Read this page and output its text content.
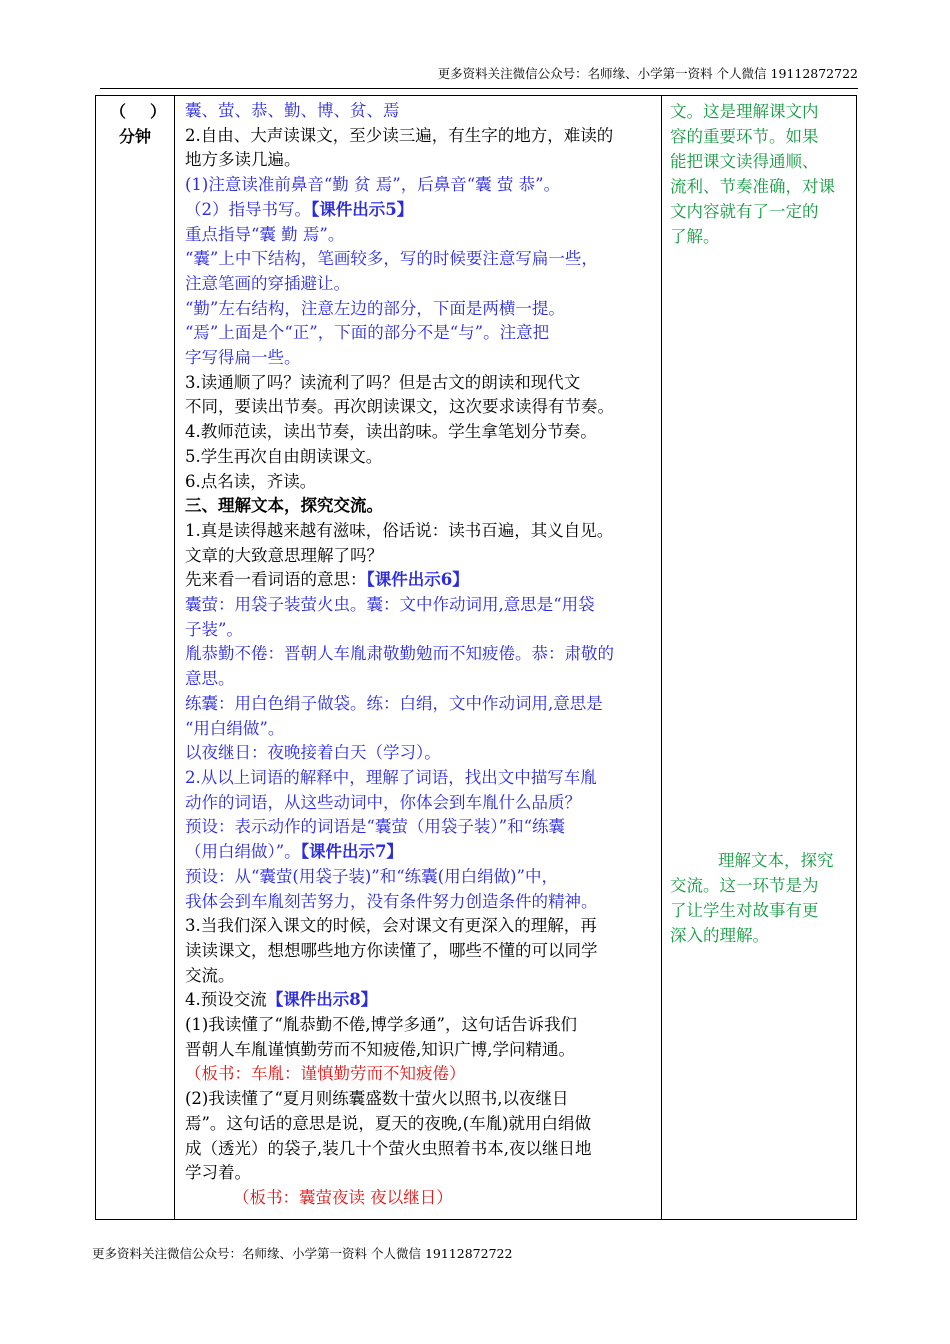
更多资料关注微信公众号：名师缘、小学第一资料 个人微信 19112872722
（ ）
分钟
囊、萤、恭、勤、博、贫、焉
2.自由、大声读课文，至少读三遍，有生字的地方，难读的
地方多读几遍。
(1)注意读准前鼻音“勤 贫 焉”，后鼻音“囊 萤 恭”。
（2）指导书写。【课件出示5】
重点指导“囊 勤 焉”。
“囊”上中下结构，笔画较多，写的时候要注意写扁一些，
注意笔画的穿插避让。
“勤”左右结构，注意左边的部分，下面是两横一提。
“焉”上面是个“正”，下面的部分不是“与”。注意把
字写得扁一些。
3.读通顺了吗？读流利了吗？但是古文的朗读和现代文
不同，要读出节奏。再次朗读课文，这次要求读得有节奏。
4.教师范读，读出节奏，读出韵味。学生拿笔划分节奏。
5.学生再次自由朗读课文。
6.点名读，齐读。
三、理解文本，探究交流。
1.真是读得越来越有滋味，俗话说：读书百遍，其义自见。
文章的大致意思理解了吗？
先来看一看词语的意思：【课件出示6】
囊萤：用袋子装萤火虫。囊：文中作动词用,意思是“用袋
子装”。
胤恭勤不倦：晋朝人车胤肃敬勤勉而不知疲倦。恭：肃敬的
意思。
练囊：用白色绢子做袋。练：白绢，文中作动词用,意思是
“用白绢做”。
以夜继日：夜晚接着白天（学习）。
2.从以上词语的解释中，理解了词语，找出文中描写车胤
动作的词语，从这些动词中，你体会到车胤什么品质？
预设：表示动作的词语是“囊萤（用袋子装）”和“练囊
（用白绢做）”。【课件出示7】
预设：从“囊萤(用袋子装)”和“练囊(用白绢做)”中，
我体会到车胤刻苦努力，没有条件努力创造条件的精神。
3.当我们深入课文的时候，会对课文有更深入的理解，再
读读课文，想想哪些地方你读懂了，哪些不懂的可以同学
交流。
4.预设交流【课件出示8】
(1)我读懂了“胤恭勤不倦,博学多通”，这句话告诉我们
晋朝人车胤谨慎勤劳而不知疲倦,知识广博,学问精通。
（板书：车胤：谨慎勤劳而不知疲倦）
(2)我读懂了“夏月则练囊盛数十萤火以照书,以夜继日
焉”。这句话的意思是说，夏天的夜晚,(车胤)就用白绢做
成（透光）的袋子,装几十个萤火虫照着书本,夜以继日地
学习着。
（板书：囊萤夜读 夜以继日）
文。这是理解课文内
容的重要环节。如果
能把课文读得通顺、
流利、节奏准确，对课
文内容就有了一定的
了解。
理解文本，探究
交流。这一环节是为
了让学生对故事有更
深入的理解。
更多资料关注微信公众号：名师缘、小学第一资料 个人微信 19112872722
